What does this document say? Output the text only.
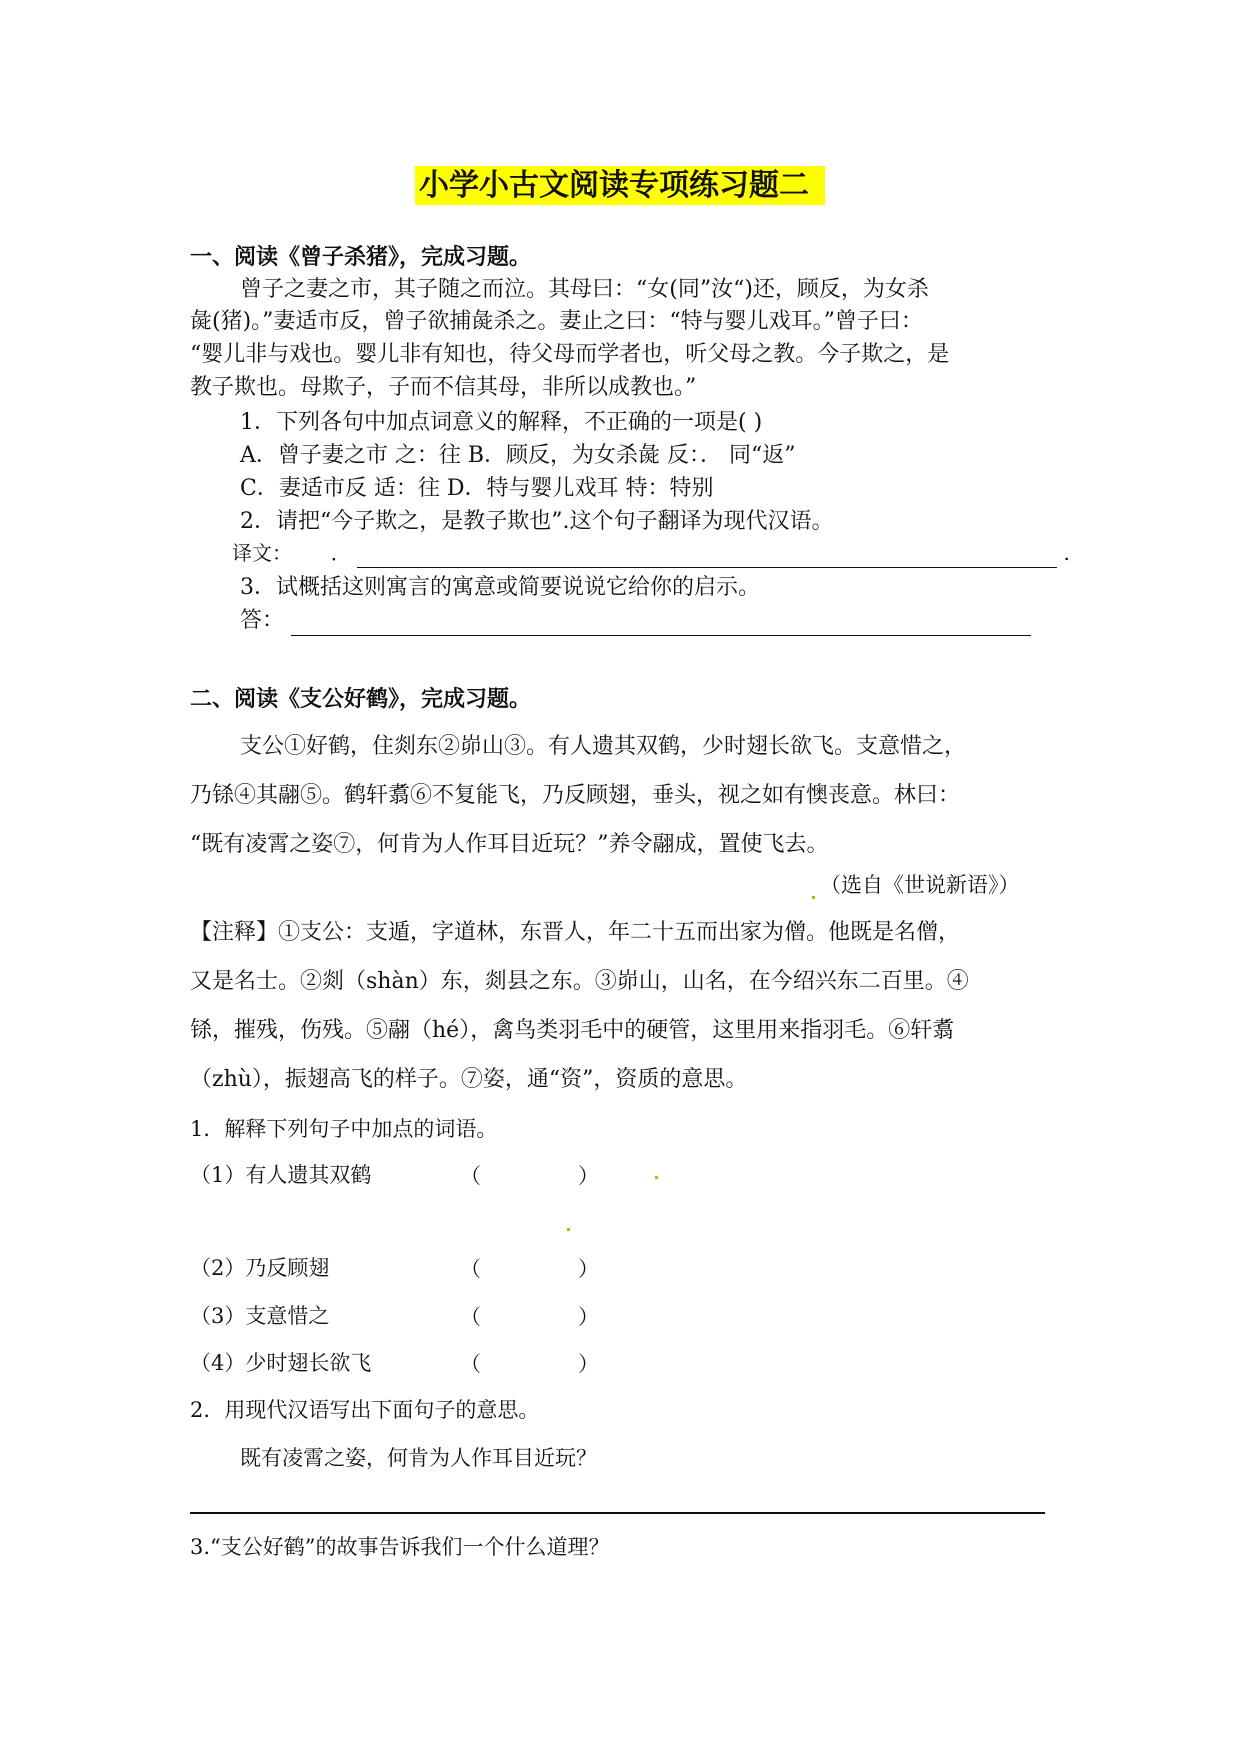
小学小古文阅读专项练习题二
一、阅读《曾子杀猪》，完成习题。
曾子之妻之市，其子随之而泣。其母曰：“女(同”汝“)还，顾反，为女杀
彘(猪)。”妻适市反，曾子欲捕彘杀之。妻止之曰：“特与婴儿戏耳。”曾子曰：
“婴儿非与戏也。婴儿非有知也，待父母而学者也，听父母之教。今子欺之，是
教子欺也。母欺子，子而不信其母，非所以成教也。”
1．下列各句中加点词意义的解释，不正确的一项是( )
A．曾子妻之市 之：往 B．顾反，为女杀彘 反：． 同“返”
C．妻适市反 适：往 D．特与婴儿戏耳 特：特别
2．请把“今子欺之，是教子欺也”.这个句子翻译为现代汉语。
译文： ．	.
3．试概括这则寓言的寓意或简要说说它给你的启示。
答：
二、阅读《支公好鹤》，完成习题。
支公①好鹤，住剡东②峁山③。有人遗其双鹤，少时翅长欲飞。支意惜之，
乃铩④其翮⑤。鹤轩翥⑥不复能飞，乃反顾翅，垂头，视之如有懊丧意。林曰：
“既有凌霄之姿⑦，何肯为人作耳目近玩？”养令翮成，置使飞去。
（选自《世说新语》）
【注释】①支公：支遁，字道林，东晋人，年二十五而出家为僧。他既是名僧，
又是名士。②剡（shàn）东，剡县之东。③峁山，山名，在今绍兴东二百里。④
铩，摧残，伤残。⑤翮（hé），禽鸟类羽毛中的硬管，这里用来指羽毛。⑥轩翥
（zhù），振翅高飞的样子。⑦姿，通“资”，资质的意思。
1．解释下列句子中加点的词语。
（1）有人遗其双鹤	（	）
（2）乃反顾翅	（	）
（3）支意惜之	（	）
（4）少时翅长欲飞	（	）
2．用现代汉语写出下面句子的意思。
既有凌霄之姿，何肯为人作耳目近玩？
3.“支公好鹤”的故事告诉我们一个什么道理？
